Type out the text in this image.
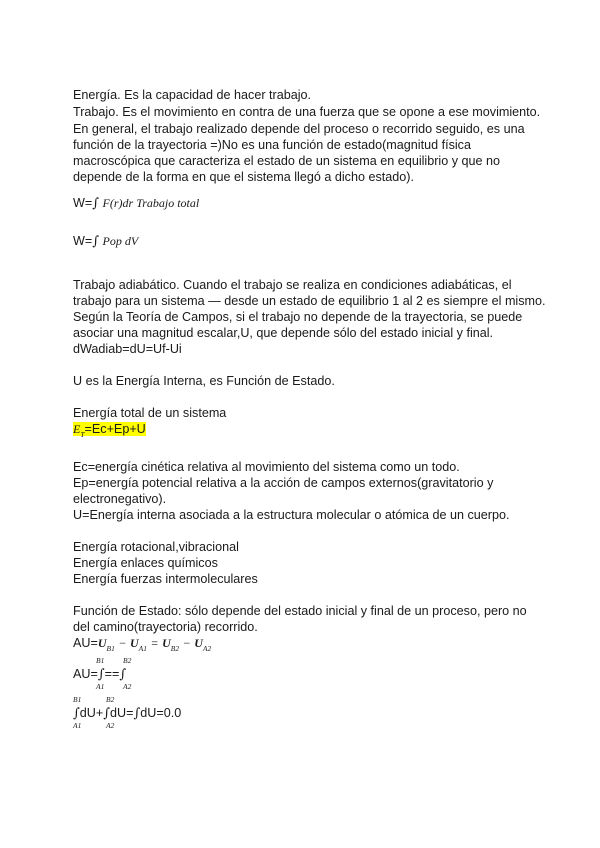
Energía. Es la capacidad de hacer trabajo.
Trabajo. Es el movimiento en contra de una fuerza que se opone a ese movimiento.
En general, el trabajo realizado depende del proceso o recorrido seguido, es una
función de la trayectoria =)No es una función de estado(magnitud física
macroscópica que caracteriza el estado de un sistema en equilibrio y que no
depende de la forma en que el sistema llegó a dicho estado).
W=∫ F(r)dr Trabajo total
W=∫ Pop dV
Trabajo adiabático. Cuando el trabajo se realiza en condiciones adiabáticas, el
trabajo para un sistema — desde un estado de equilibrio 1 al 2 es siempre el mismo.
Según la Teoría de Campos, si el trabajo no depende de la trayectoria, se puede
asociar una magnitud escalar,U, que depende sólo del estado inicial y final.
dWadiab=dU=Uf-Ui
U es la Energía Interna, es Función de Estado.
Energía total de un sistema
$E_T=Ec+Ep+U$
Ec=energía cinética relativa al movimiento del sistema como un todo.
Ep=energía potencial relativa a la acción de campos externos(gravitatorio y
electronegativo).
U=Energía interna asociada a la estructura molecular o atómica de un cuerpo.
Energía rotacional,vibracional
Energía enlaces químicos
Energía fuerzas intermoleculares
Función de Estado: sólo depende del estado inicial y final de un proceso, pero no
del camino(trayectoria) recorrido.
$AU=U_{B1} - U_{A1} = U_{B2} - U_{A2}$
B1 B2
AU=∫==∫
A1 A2
B1	B2
∫dU+∫dU=∫dU=0.0
A1	A2
